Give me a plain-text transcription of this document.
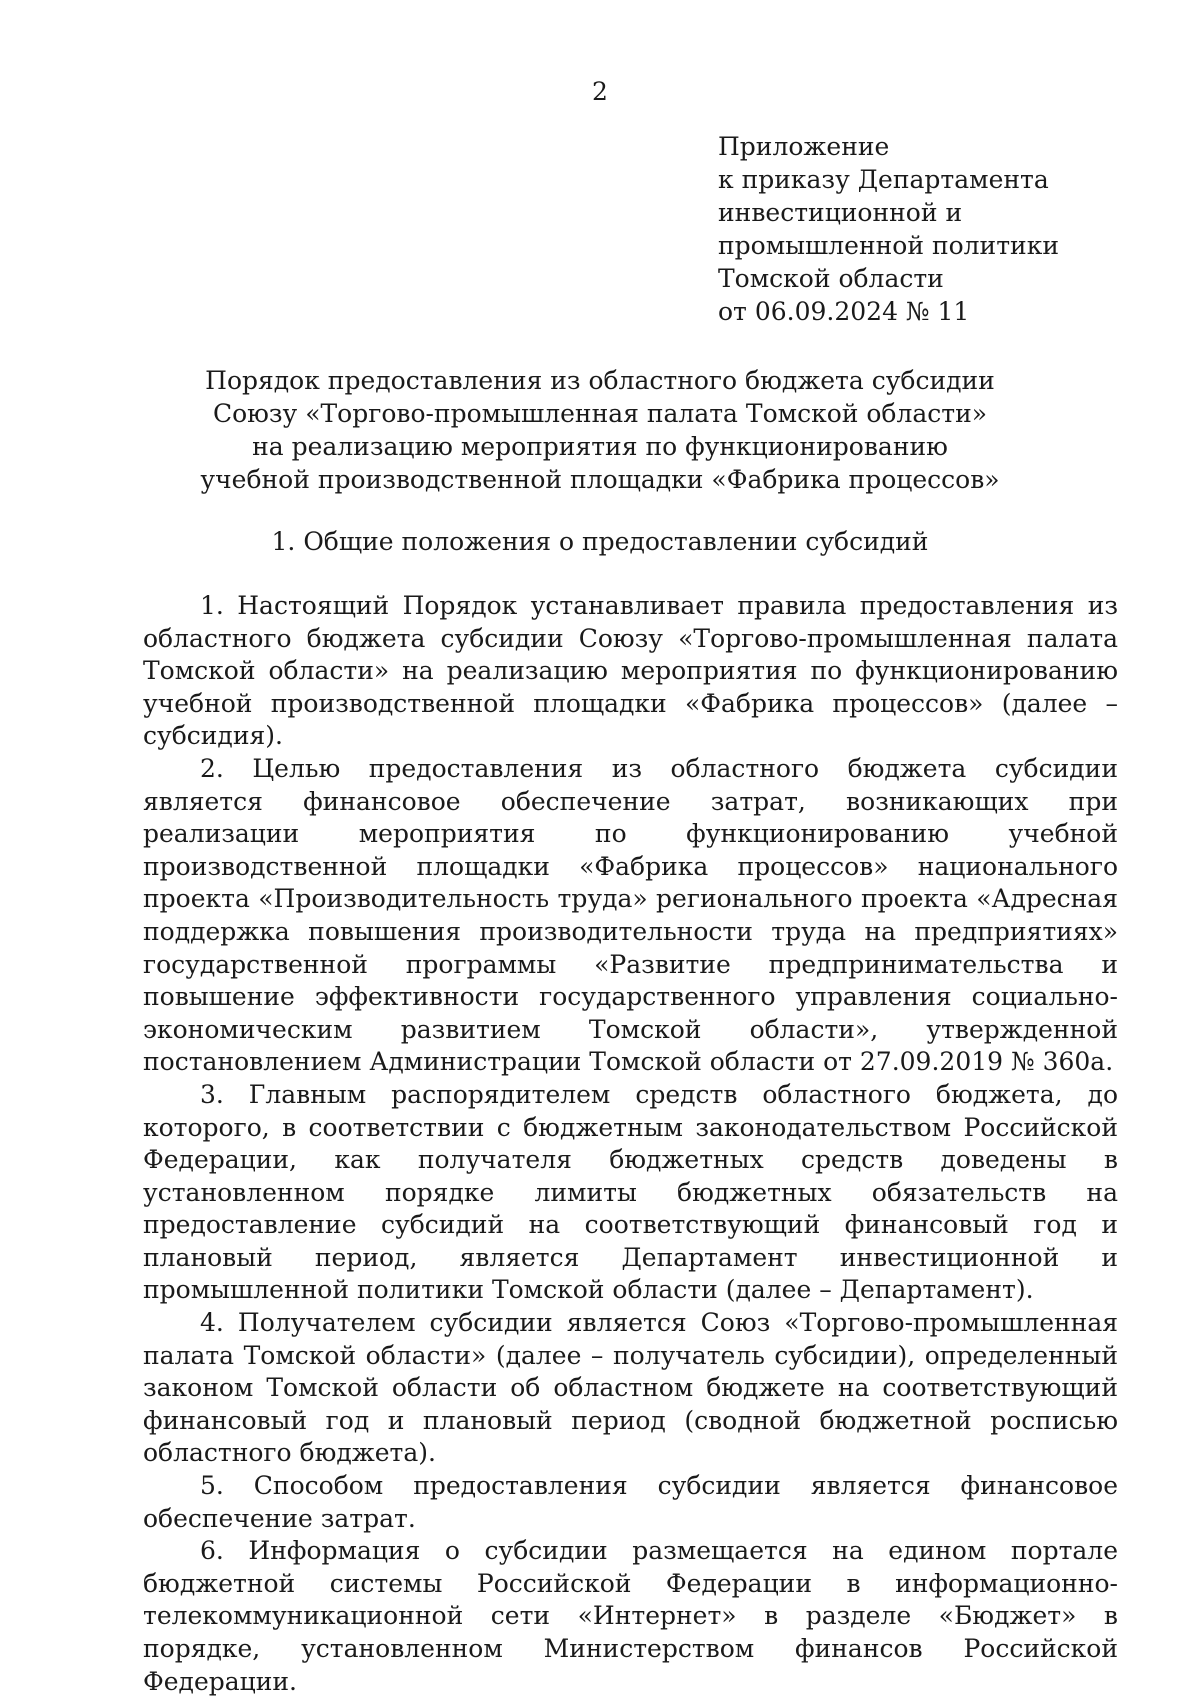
2
Приложение
к приказу Департамента
инвестиционной и
промышленной политики
Томской области
от 06.09.2024 № 11
Порядок предоставления из областного бюджета субсидии
Союзу «Торгово-промышленная палата Томской области»
на реализацию мероприятия по функционированию
учебной производственной площадки «Фабрика процессов»
1. Общие положения о предоставлении субсидий

1. Настоящий Порядок устанавливает правила предоставления из областного бюджета субсидии Союзу «Торгово-промышленная палата Томской области» на реализацию мероприятия по функционированию учебной производственной площадки «Фабрика процессов» (далее – субсидия).

2. Целью предоставления из областного бюджета субсидии является финансовое обеспечение затрат, возникающих при реализации мероприятия по функционированию учебной производственной площадки «Фабрика процессов» национального проекта «Производительность труда» регионального проекта «Адресная поддержка повышения производительности труда на предприятиях» государственной программы «Развитие предпринимательства и повышение эффективности государственного управления социально-экономическим развитием Томской области», утвержденной постановлением Администрации Томской области от 27.09.2019 № 360а.

3. Главным распорядителем средств областного бюджета, до которого, в соответствии с бюджетным законодательством Российской Федерации, как получателя бюджетных средств доведены в установленном порядке лимиты бюджетных обязательств на предоставление субсидий на соответствующий финансовый год и плановый период, является Департамент инвестиционной и промышленной политики Томской области (далее – Департамент).

4. Получателем субсидии является Союз «Торгово-промышленная палата Томской области» (далее – получатель субсидии), определенный законом Томской области об областном бюджете на соответствующий финансовый год и плановый период (сводной бюджетной росписью областного бюджета).

5. Способом предоставления субсидии является финансовое обеспечение затрат.

6. Информация о субсидии размещается на едином портале бюджетной системы Российской Федерации в информационно-телекоммуникационной сети «Интернет» в разделе «Бюджет» в порядке, установленном Министерством финансов Российской Федерации.
